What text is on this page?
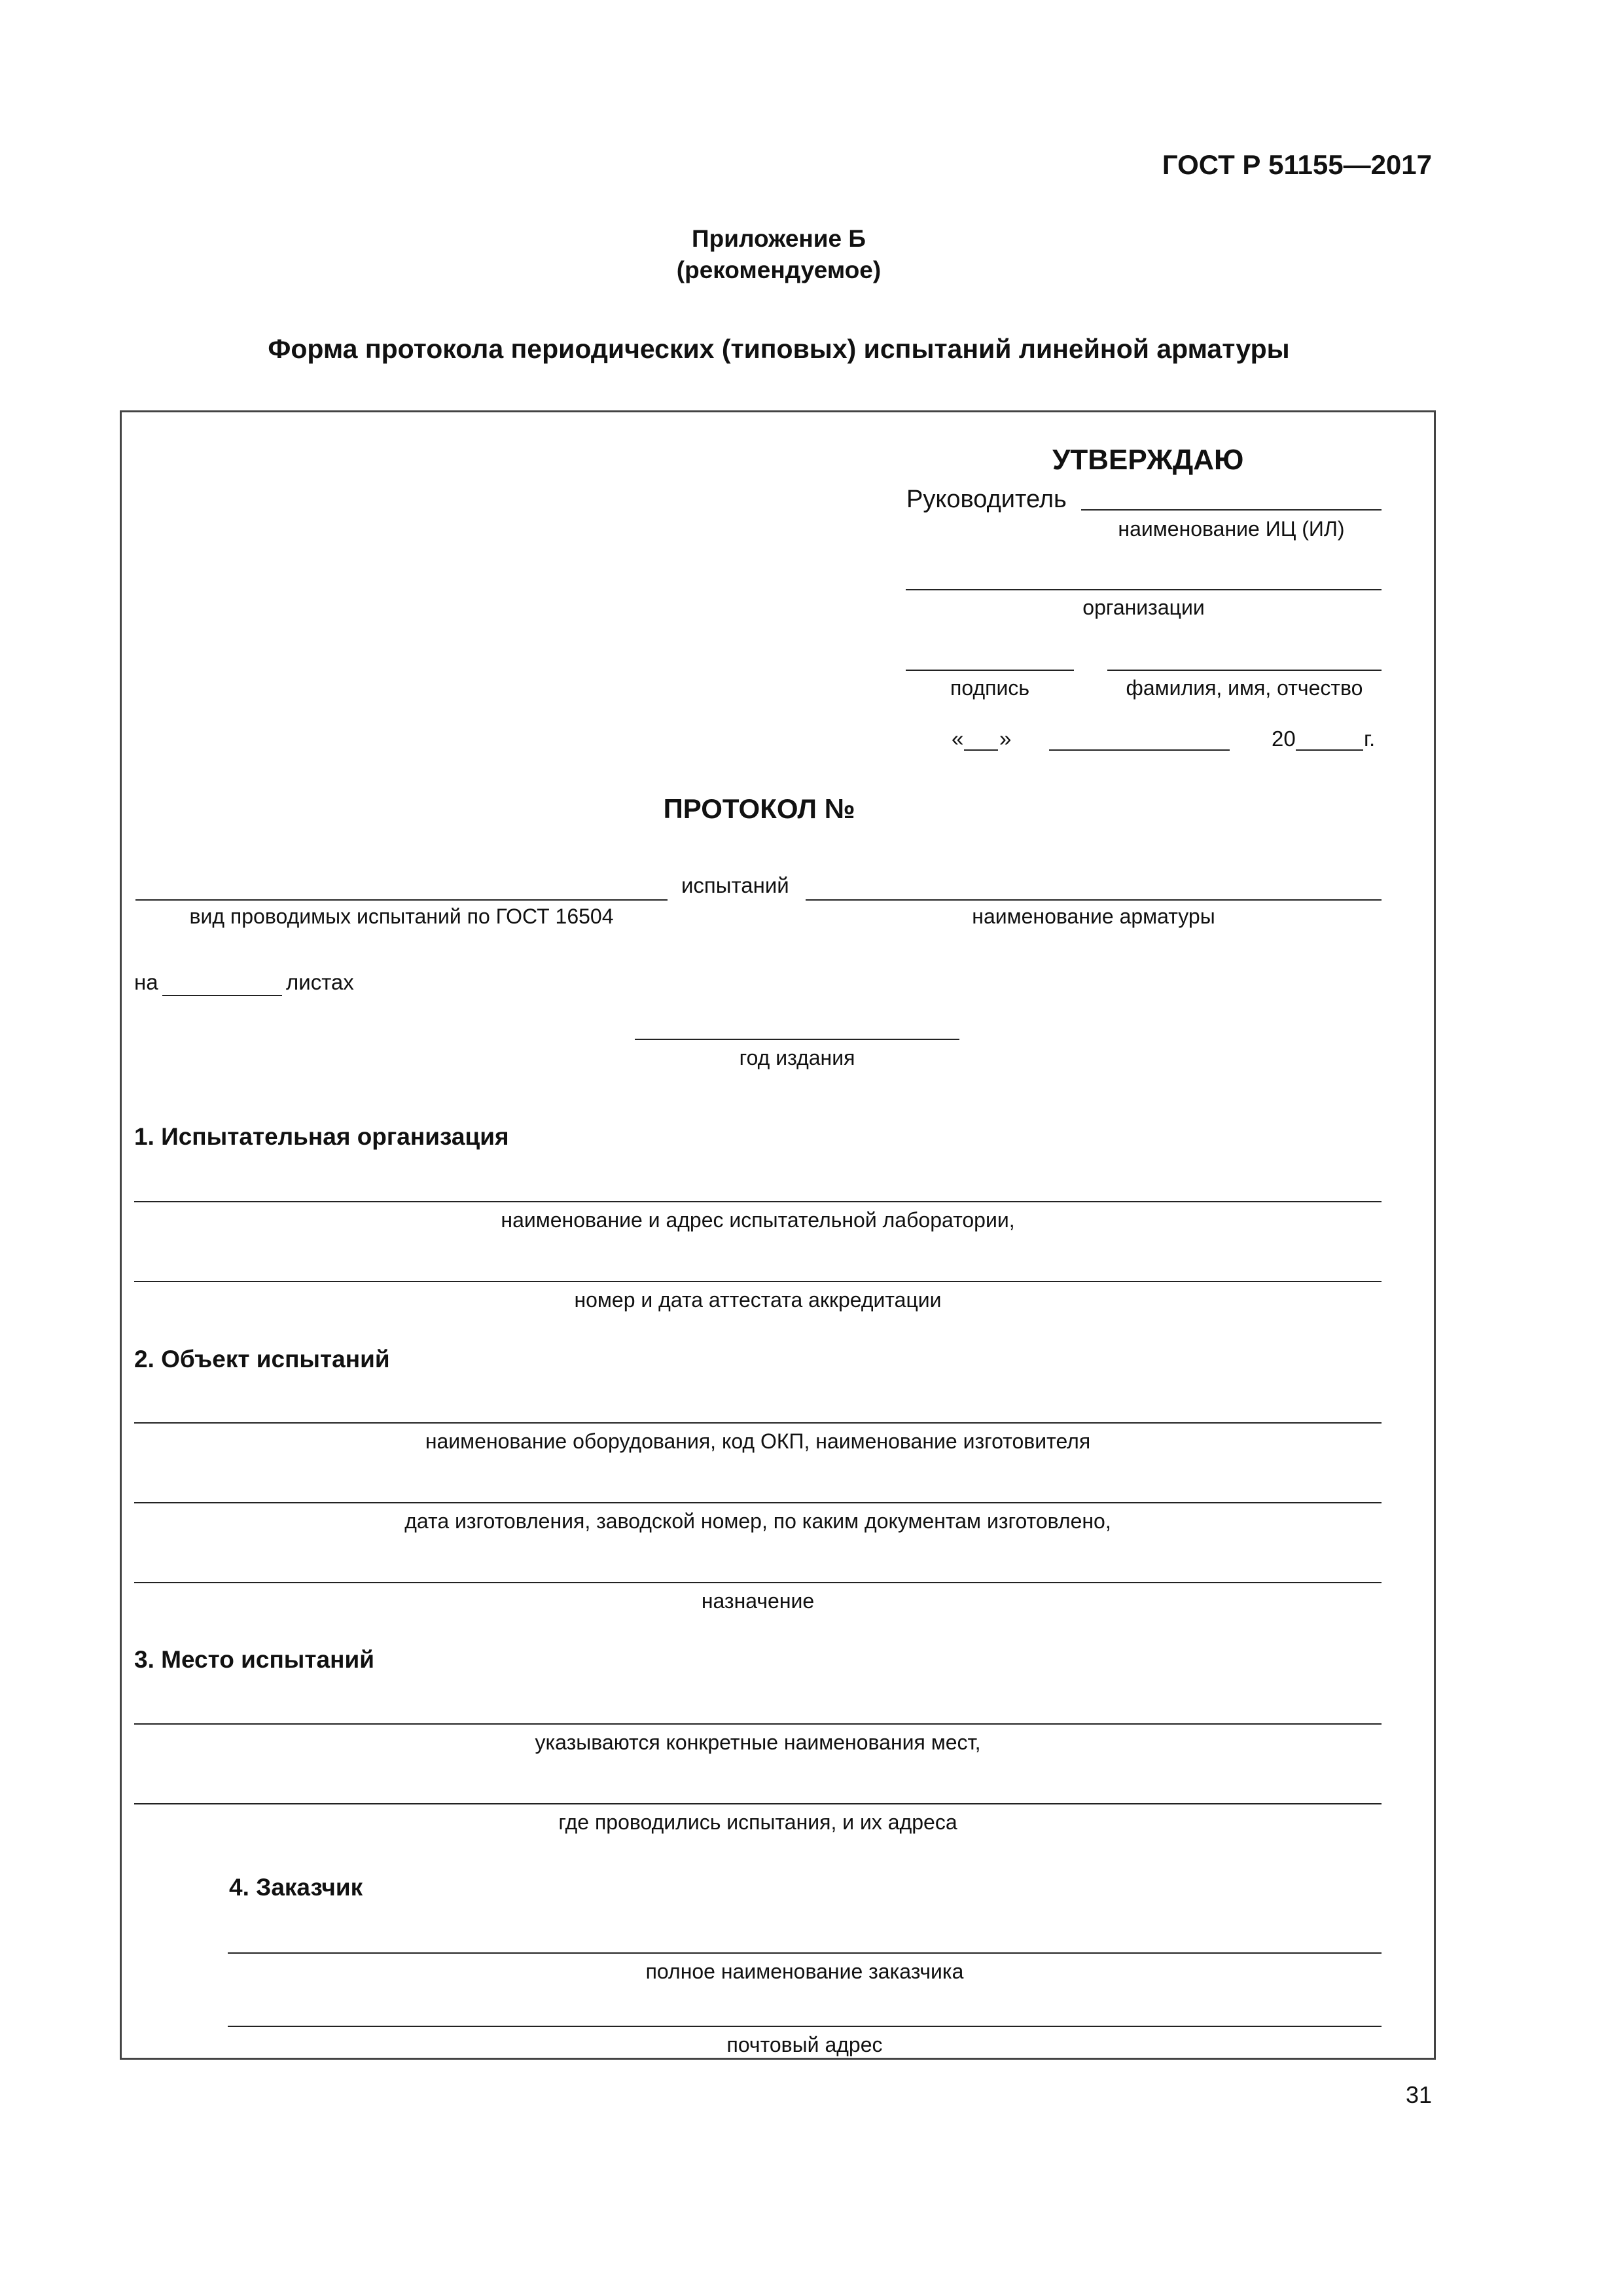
ГОСТ Р 51155—2017
Приложение Б
(рекомендуемое)
Форма протокола периодических (типовых) испытаний линейной арматуры
УТВЕРЖДАЮ
Руководитель
наименование ИЦ (ИЛ)
организации
подпись	фамилия, имя, отчество
« »	20	г.
ПРОТОКОЛ №
испытаний
вид проводимых испытаний по ГОСТ 16504	наименование арматуры
на	листах
год издания
1. Испытательная организация
наименование и адрес испытательной лаборатории,
номер и дата аттестата аккредитации
2. Объект испытаний
наименование оборудования, код ОКП, наименование изготовителя
дата изготовления, заводской номер, по каким документам изготовлено,
назначение
3. Место испытаний
указываются конкретные наименования мест,
где проводились испытания, и их адреса
4. Заказчик
полное наименование заказчика
почтовый адрес
31
